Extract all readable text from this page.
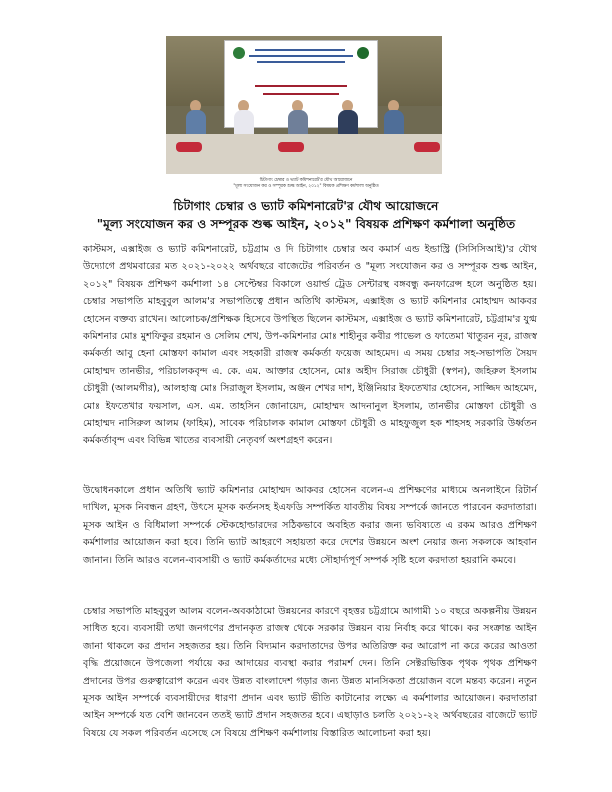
চিটাগাং চেম্বার ও ভ্যাট কমিশনারেট'র যৌথ আয়োজনে
"মূল্য সংযোজন কর ও সম্পূরক শুল্ক আইন, ২০১২" বিষয়ক প্রশিক্ষণ কর্মশালা অনুষ্ঠিত
চিটাগাং চেম্বার ও ভ্যাট কমিশনারেট'র যৌথ আয়োজনে
"মূল্য সংযোজন কর ও সম্পূরক শুল্ক আইন, ২০১২" বিষয়ক প্রশিক্ষণ কর্মশালা অনুষ্ঠিত

কাস্টমস, এক্সাইজ ও ভ্যাট কমিশনারেট, চট্টগ্রাম ও দি চিটাগাং চেম্বার অব কমার্স এন্ড ইন্ডাস্ট্রি (সিসিসিআই)'র যৌথ উদ্যোগে প্রথমবারের মত ২০২১-২০২২ অর্থবছরে বাজেটের পরিবর্তন ও "মূল্য সংযোজন কর ও সম্পূরক শুল্ক আইন, ২০১২" বিষয়ক প্রশিক্ষণ কর্মশালা ১৪ সেপ্টেম্বর বিকালে ওয়ার্ল্ড ট্রেড সেন্টারস্থ বঙ্গবন্ধু কনফারেন্স হলে অনুষ্ঠিত হয়। চেম্বার সভাপতি মাহবুবুল আলম'র সভাপতিত্বে প্রধান অতিথি কাস্টমস, এক্সাইজ ও ভ্যাট কমিশনার মোহাম্মদ আকবর হোসেন বক্তব্য রাখেন। আলোচক/প্রশিক্ষক হিসেবে উপস্থিত ছিলেন কাস্টমস, এক্সাইজ ও ভ্যাট কমিশনারেট, চট্টগ্রাম'র যুগ্ম কমিশনার মোঃ মুশফিকুর রহমান ও সেলিম শেখ, উপ-কমিশনার মোঃ শাহীনুর কবীর পাভেল ও ফাতেমা খাতুরন নূর, রাজস্ব কর্মকর্তা আবু হেনা মোস্তফা কামাল এবং সহকারী রাজস্ব কর্মকর্তা ফয়েজ আহমেদ। এ সময় চেম্বার সহ-সভাপতি সৈয়দ মোহাম্মদ তানভীর, পরিচালকবৃন্দ এ. কে. এম. আক্তার হোসেন, মোঃ অহীদ সিরাজ চৌধুরী (স্বপন), জহিরুল ইসলাম চৌধুরী (আলমগীর), আলহাজ্ব মোঃ সিরাজুল ইসলাম, অঞ্জন শেখর দাশ, ইঞ্জিনিয়ার ইফতেখার হোসেন, সাজ্জিদ আহমেদ, মোঃ ইফতেখার ফয়সাল, এস. এম. তাহসিন জোনায়েদ, মোহাম্মদ আদনানুল ইসলাম, তানভীর মোস্তফা চৌধুরী ও মোহাম্মদ নাসিরুল আলম (ফাহিম), সাবেক পরিচালক কামাল মোস্তফা চৌধুরী ও মাহফুজুল হক শাহসহ সরকারি উর্ধ্বতন কর্মকর্তাবৃন্দ এবং বিভিন্ন খাতের ব্যবসায়ী নেতৃবর্গ অংশগ্রহণ করেন।

উদ্বোধনকালে প্রধান অতিথি ভ্যাট কমিশনার মোহাম্মদ আকবর হোসেন বলেন-এ প্রশিক্ষণের মাধ্যমে অনলাইনে রিটার্ন দাখিল, মূসক নিবন্ধন গ্রহণ, উৎসে মূসক কর্তনসহ ইএফডি সম্পর্কিত যাবতীয় বিষয় সম্পর্কে জানতে পারবেন করদাতারা। মূসক আইন ও বিধিমালা সম্পর্কে স্টেকহোল্ডারদের সঠিকভাবে অবহিত করার জন্য ভবিষ্যতে এ রকম আরও প্রশিক্ষণ কর্মশালার আয়োজন করা হবে। তিনি ভ্যাট আহরণে সহায়তা করে দেশের উন্নয়নে অংশ নেয়ার জন্য সকলকে আহবান জানান। তিনি আরও বলেন-ব্যবসায়ী ও ভ্যাট কর্মকর্তাদের মধ্যে সৌহার্দ্যপূর্ণ সম্পর্ক সৃষ্টি হলে করদাতা হয়রানি কমবে।

চেম্বার সভাপতি মাহবুবুল আলম বলেন-অবকাঠামো উন্নয়নের কারণে বৃহত্তর চট্টগ্রামে আগামী ১০ বছরে অকল্পনীয় উন্নয়ন সাধিত হবে। ব্যবসায়ী তথা জনগণের প্রদানকৃত রাজস্ব থেকে সরকার উন্নয়ন ব্যয় নির্বাহ করে থাকে। কর সংক্রান্ত আইন জানা থাকলে কর প্রদান সহজতর হয়। তিনি বিদ্যমান করদাতাদের উপর অতিরিক্ত কর আরোপ না করে করের আওতা বৃদ্ধি প্রয়োজনে উপজেলা পর্যায়ে কর আদায়ের ব্যবস্থা করার পরামর্শ দেন। তিনি সেক্টরভিত্তিক পৃথক পৃথক প্রশিক্ষণ প্রদানের উপর গুরুত্বারোপ করেন এবং উন্নত বাংলাদেশ গড়ার জন্য উন্নত মানসিকতা প্রয়োজন বলে মন্তব্য করেন। নতুন মূসক আইন সম্পর্কে ব্যবসায়ীদের ধারণা প্রদান এবং ভ্যাট ভীতি কাটানোর লক্ষ্যে এ কর্মশালার আয়োজন। করদাতারা আইন সম্পর্কে যত বেশি জানবেন ততই ভ্যাট প্রদান সহজতর হবে। এছাড়াও চলতি ২০২১-২২ অর্থবছরের বাজেটে ভ্যাট বিষয়ে যে সকল পরিবর্তন এসেছে সে বিষয়ে প্রশিক্ষণ কর্মশালায় বিস্তারিত আলোচনা করা হয়।
